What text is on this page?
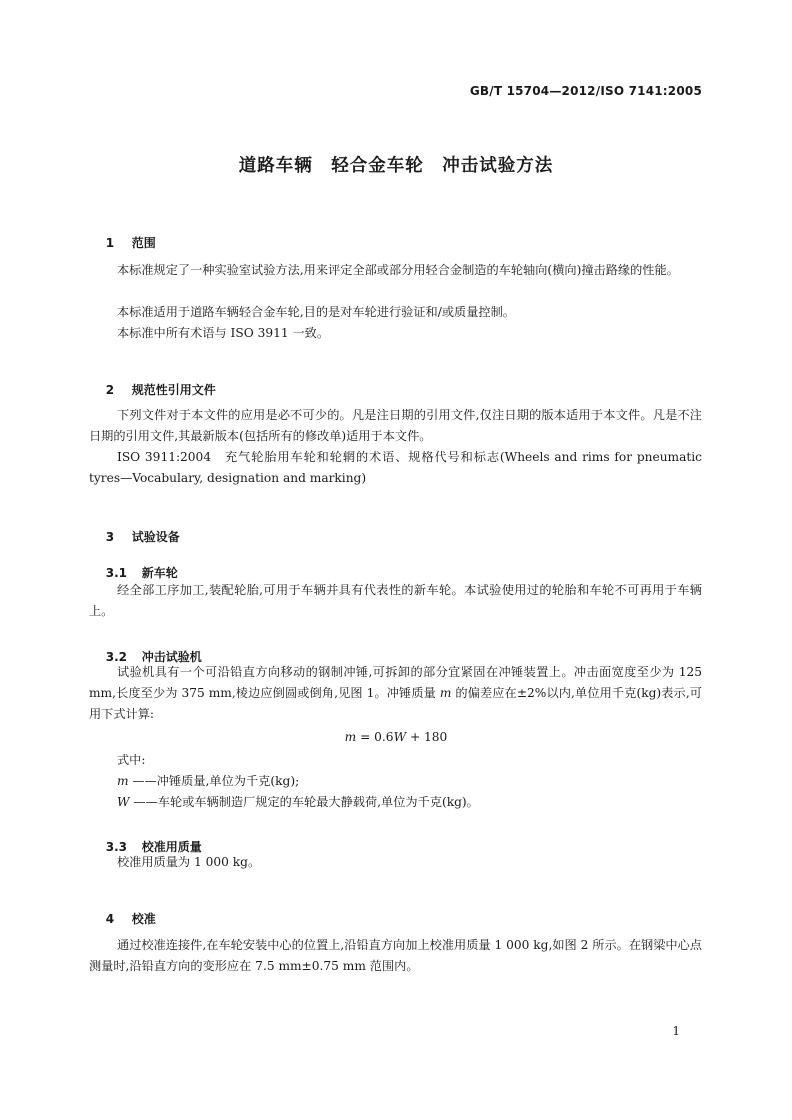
GB/T 15704—2012/ISO 7141:2005
道路车辆　轻合金车轮　冲击试验方法

1 范围

本标准规定了一种实验室试验方法,用来评定全部或部分用轻合金制造的车轮轴向(横向)撞击路缘的性能。
本标准适用于道路车辆轻合金车轮,目的是对车轮进行验证和/或质量控制。
本标准中所有术语与 ISO 3911 一致。

2 规范性引用文件

下列文件对于本文件的应用是必不可少的。凡是注日期的引用文件,仅注日期的版本适用于本文件。凡是不注日期的引用文件,其最新版本(包括所有的修改单)适用于本文件。
ISO 3911:2004　充气轮胎用车轮和轮辋的术语、规格代号和标志(Wheels and rims for pneumatic tyres—Vocabulary, designation and marking)

3 试验设备

3.1 新车轮

经全部工序加工,装配轮胎,可用于车辆并具有代表性的新车轮。本试验使用过的轮胎和车轮不可再用于车辆上。

3.2 冲击试验机

试验机具有一个可沿铅直方向移动的钢制冲锤,可拆卸的部分宜紧固在冲锤装置上。冲击面宽度至少为 125 mm,长度至少为 375 mm,棱边应倒圆或倒角,见图 1。冲锤质量 m 的偏差应在±2%以内,单位用千克(kg)表示,可用下式计算:
m = 0.6W + 180
式中:
m ——冲锤质量,单位为千克(kg);
W ——车轮或车辆制造厂规定的车轮最大静载荷,单位为千克(kg)。

3.3 校准用质量

校准用质量为 1 000 kg。

4 校准

通过校准连接件,在车轮安装中心的位置上,沿铅直方向加上校准用质量 1 000 kg,如图 2 所示。在钢梁中心点测量时,沿铅直方向的变形应在 7.5 mm±0.75 mm 范围内。
1
